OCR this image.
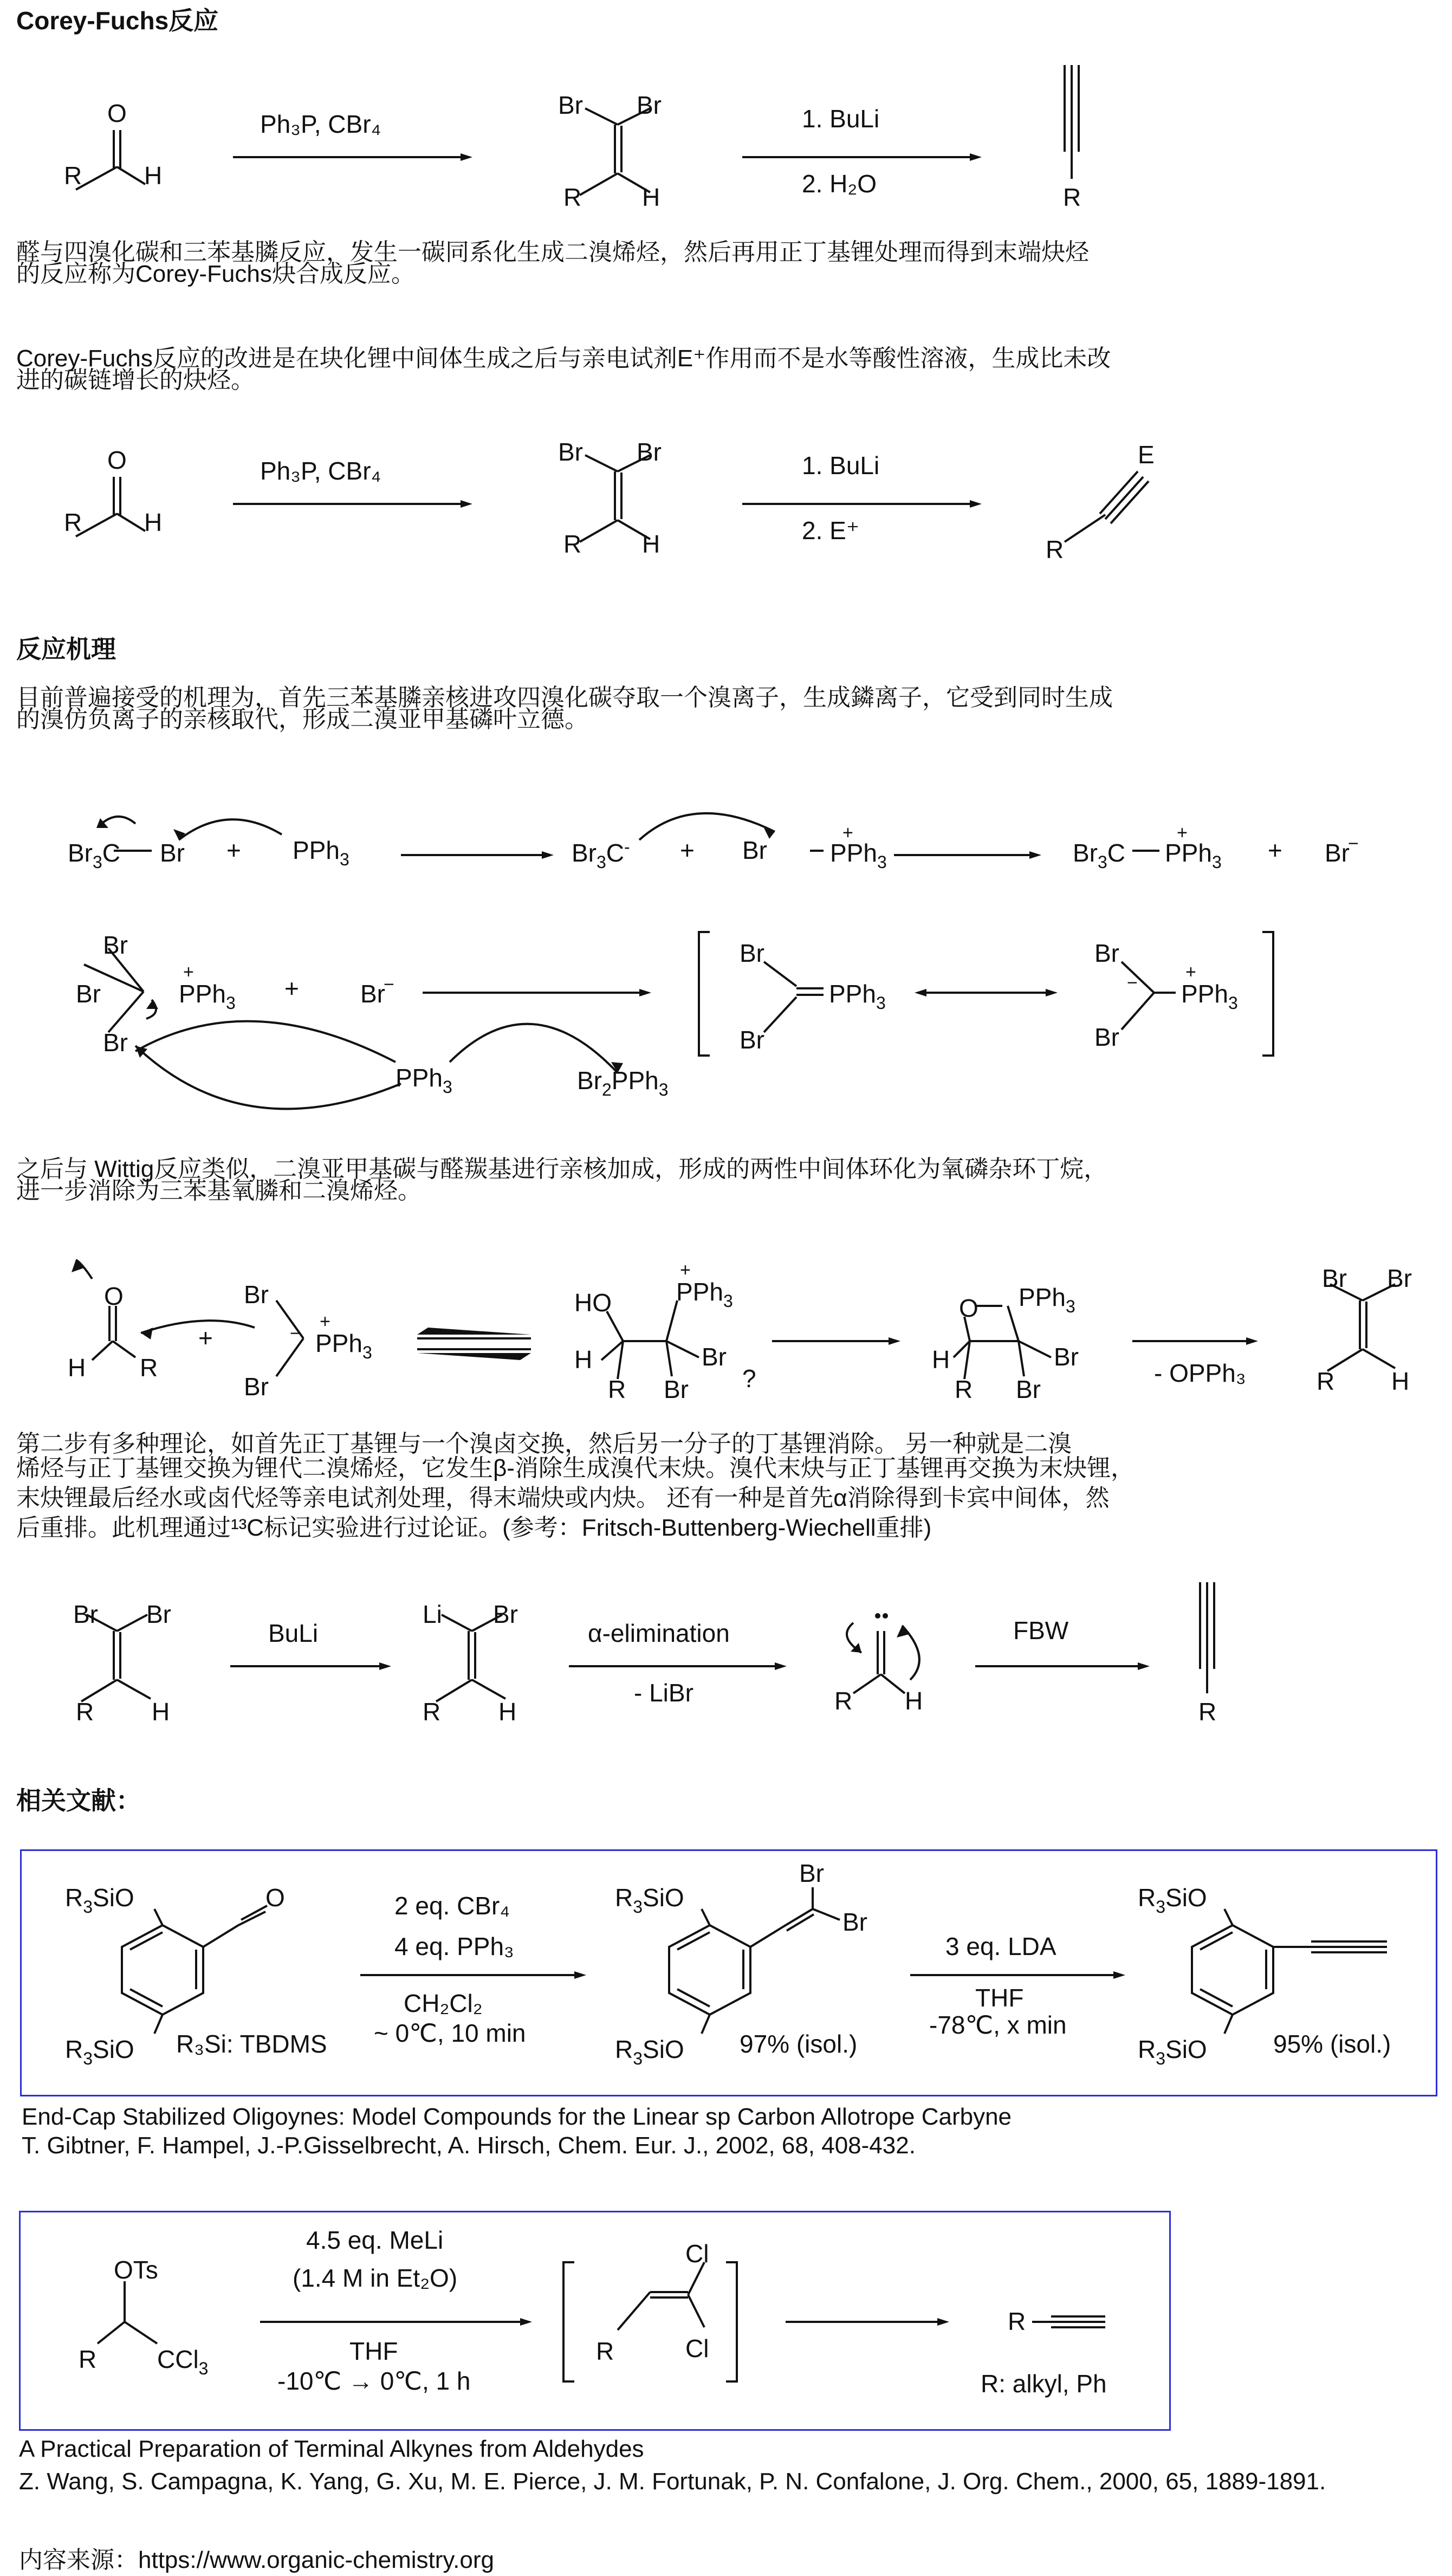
Corey-Fuchs反应
O
R H
Ph₃P, CBr₄
Br Br
R H
1. BuLi
2. H₂O	R
醛与四溴化碳和三苯基膦反应，发生一碳同系化生成二溴烯烃，然后再用正丁基锂处理而得到末端炔烃
的反应称为Corey-Fuchs炔合成反应。
Corey-Fuchs反应的改进是在块化锂中间体生成之后与亲电试剂E⁺作用而不是水等酸性溶液，生成比未改
进的碳链增长的炔烃。
O
R H
Ph₃P, CBr₄
Br Br
R H
1. BuLi
2. E⁺
E
R
反应机理
目前普遍接受的机理为，首先三苯基膦亲核进攻四溴化碳夺取一个溴离子，生成鏻离子，它受到同时生成
的溴仿负离子的亲核取代，形成二溴亚甲基磷叶立德。
$Br_3C$ Br + PPh$_3$	$Br_3C^- + Br$	PPh$_3$
+
$Br_3C$ PPh$_3$
+
+ Br
−
Br
Br
Br
PPh$_3$
+
+ Br
−
PPh$_3$	$Br_2PPh_3$
Br
Br
PPh$_3$
Br
Br
− PPh$_3$
+
之后与 Wittig反应类似，二溴亚甲基碳与醛羰基进行亲核加成，形成的两性中间体环化为氧磷杂环丁烷，
进一步消除为三苯基氧膦和二溴烯烃。
O
H R
+
Br
Br
− PPh$_3$
+
HO	PPh$_3$
+
H	Br
R Br ?
O PPh$_3$
H	Br
R Br
- OPPh₃
Br Br
R H
第二步有多种理论，如首先正丁基锂与一个溴卤交换，然后另一分子的丁基锂消除。 另一种就是二溴
烯烃与正丁基锂交换为锂代二溴烯烃，它发生β-消除生成溴代末炔。溴代末炔与正丁基锂再交换为末炔锂，
末炔锂最后经水或卤代烃等亲电试剂处理，得末端炔或内炔。 还有一种是首先α消除得到卡宾中间体，然
后重排。此机理通过¹³C标记实验进行过论证。(参考：Fritsch-Buttenberg-Wiechell重排)
Br Br
R H
BuLi
Li Br
R H
α-elimination
- LiBr	R H
FBW
R
相关文献：
$R_3SiO$	O
$R_3SiO$ R₃Si: TBDMS
2 eq. CBr₄
4 eq. PPh₃
CH₂Cl₂
~ 0℃, 10 min
$R_3SiO$
Br
Br
$R_3SiO$ 97% (isol.)
3 eq. LDA
THF
-78℃, x min
$R_3SiO$
$R_3SiO$	95% (isol.)
End-Cap Stabilized Oligoynes: Model Compounds for the Linear sp Carbon Allotrope Carbyne
T. Gibtner, F. Hampel, J.-P.Gisselbrecht, A. Hirsch, Chem. Eur. J., 2002, 68, 408-432.
OTs
R CCl$_3$
4.5 eq. MeLi
(1.4 M in Et₂O)
THF
-10℃ → 0℃, 1 h
R
Cl
Cl
R
R: alkyl, Ph
A Practical Preparation of Terminal Alkynes from Aldehydes
Z. Wang, S. Campagna, K. Yang, G. Xu, M. E. Pierce, J. M. Fortunak, P. N. Confalone, J. Org. Chem., 2000, 65, 1889-1891.
内容来源：https://www.organic-chemistry.org
